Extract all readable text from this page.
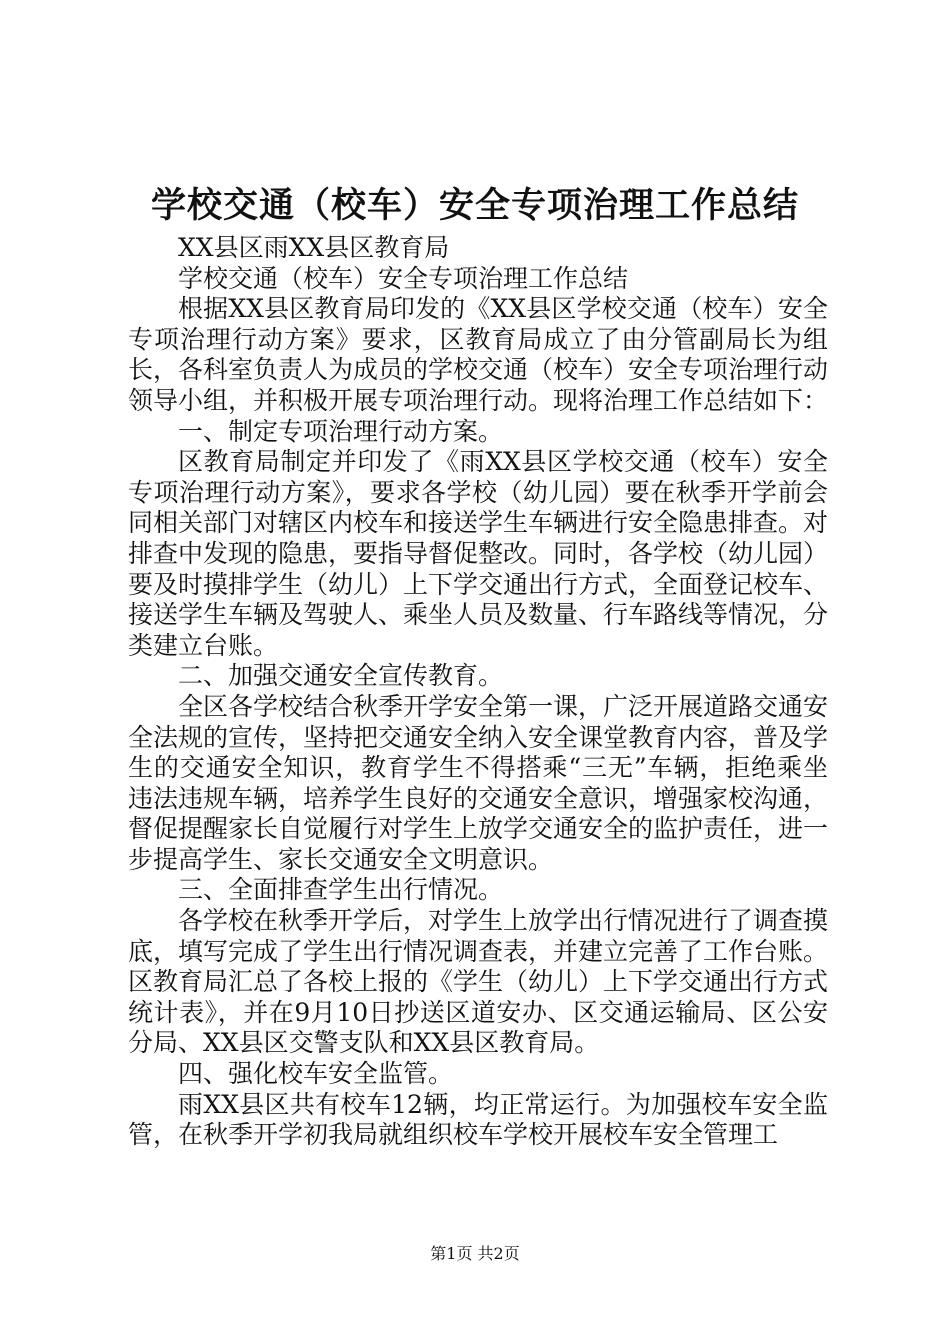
学校交通（校车）安全专项治理工作总结

XX县区雨XX县区教育局

学校交通（校车）安全专项治理工作总结

根据XX县区教育局印发的《XX县区学校交通（校车）安全专项治理行动方案》要求，区教育局成立了由分管副局长为组长，各科室负责人为成员的学校交通（校车）安全专项治理行动领导小组，并积极开展专项治理行动。现将治理工作总结如下：

一、制定专项治理行动方案。

区教育局制定并印发了《雨XX县区学校交通（校车）安全专项治理行动方案》，要求各学校（幼儿园）要在秋季开学前会同相关部门对辖区内校车和接送学生车辆进行安全隐患排查。对排查中发现的隐患，要指导督促整改。同时，各学校（幼儿园）要及时摸排学生（幼儿）上下学交通出行方式，全面登记校车、接送学生车辆及驾驶人、乘坐人员及数量、行车路线等情况，分类建立台账。

二、加强交通安全宣传教育。

全区各学校结合秋季开学安全第一课，广泛开展道路交通安全法规的宣传，坚持把交通安全纳入安全课堂教育内容，普及学生的交通安全知识，教育学生不得搭乘“三无”车辆，拒绝乘坐违法违规车辆，培养学生良好的交通安全意识，增强家校沟通，督促提醒家长自觉履行对学生上放学交通安全的监护责任，进一步提高学生、家长交通安全文明意识。

三、全面排查学生出行情况。

各学校在秋季开学后，对学生上放学出行情况进行了调查摸底，填写完成了学生出行情况调查表，并建立完善了工作台账。区教育局汇总了各校上报的《学生（幼儿）上下学交通出行方式统计表》，并在9月10日抄送区道安办、区交通运输局、区公安分局、XX县区交警支队和XX县区教育局。

四、强化校车安全监管。

雨XX县区共有校车12辆，均正常运行。为加强校车安全监管，在秋季开学初我局就组织校车学校开展校车安全管理工

第1页 共2页
